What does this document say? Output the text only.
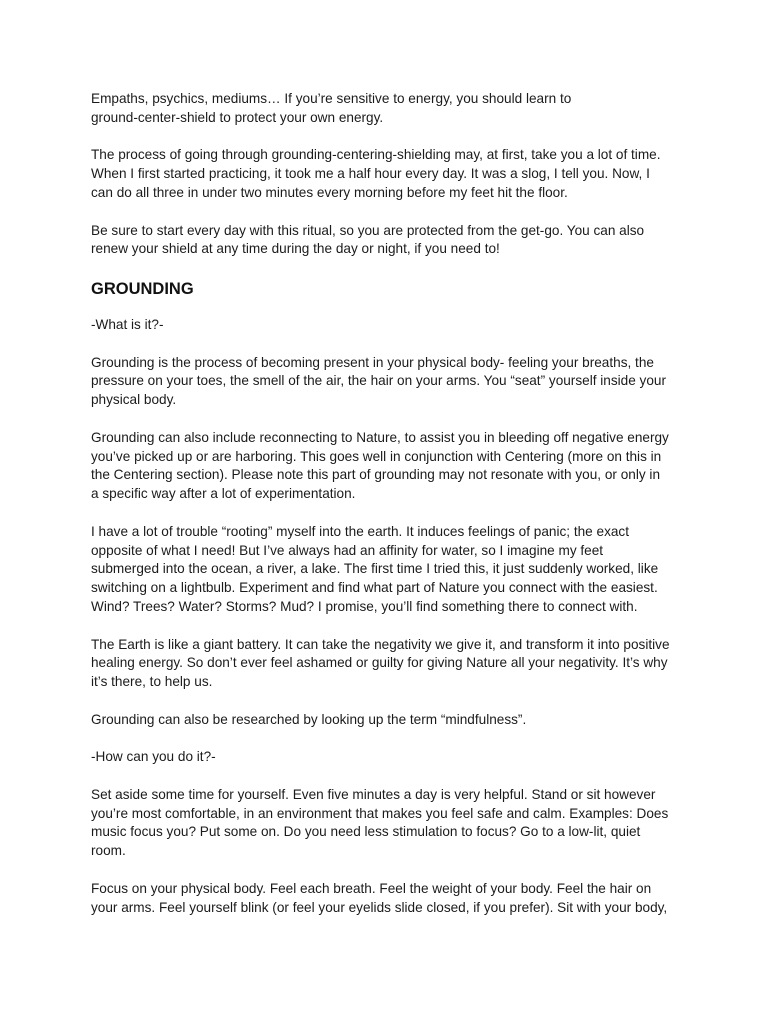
Empaths, psychics, mediums… If you’re sensitive to energy, you should learn to
ground-center-shield to protect your own energy.

The process of going through grounding-centering-shielding may, at first, take you a lot of time.
When I first started practicing, it took me a half hour every day. It was a slog, I tell you. Now, I
can do all three in under two minutes every morning before my feet hit the floor.

Be sure to start every day with this ritual, so you are protected from the get-go. You can also
renew your shield at any time during the day or night, if you need to!

GROUNDING

-What is it?-

Grounding is the process of becoming present in your physical body- feeling your breaths, the
pressure on your toes, the smell of the air, the hair on your arms. You “seat” yourself inside your
physical body.

Grounding can also include reconnecting to Nature, to assist you in bleeding off negative energy
you’ve picked up or are harboring. This goes well in conjunction with Centering (more on this in
the Centering section). Please note this part of grounding may not resonate with you, or only in
a specific way after a lot of experimentation.

I have a lot of trouble “rooting” myself into the earth. It induces feelings of panic; the exact
opposite of what I need! But I’ve always had an affinity for water, so I imagine my feet
submerged into the ocean, a river, a lake. The first time I tried this, it just suddenly worked, like
switching on a lightbulb. Experiment and find what part of Nature you connect with the easiest.
Wind? Trees? Water? Storms? Mud? I promise, you’ll find something there to connect with.

The Earth is like a giant battery. It can take the negativity we give it, and transform it into positive
healing energy. So don’t ever feel ashamed or guilty for giving Nature all your negativity. It’s why
it’s there, to help us.

Grounding can also be researched by looking up the term “mindfulness”.

-How can you do it?-

Set aside some time for yourself. Even five minutes a day is very helpful. Stand or sit however
you’re most comfortable, in an environment that makes you feel safe and calm. Examples: Does
music focus you? Put some on. Do you need less stimulation to focus? Go to a low-lit, quiet
room.

Focus on your physical body. Feel each breath. Feel the weight of your body. Feel the hair on
your arms. Feel yourself blink (or feel your eyelids slide closed, if you prefer). Sit with your body,
